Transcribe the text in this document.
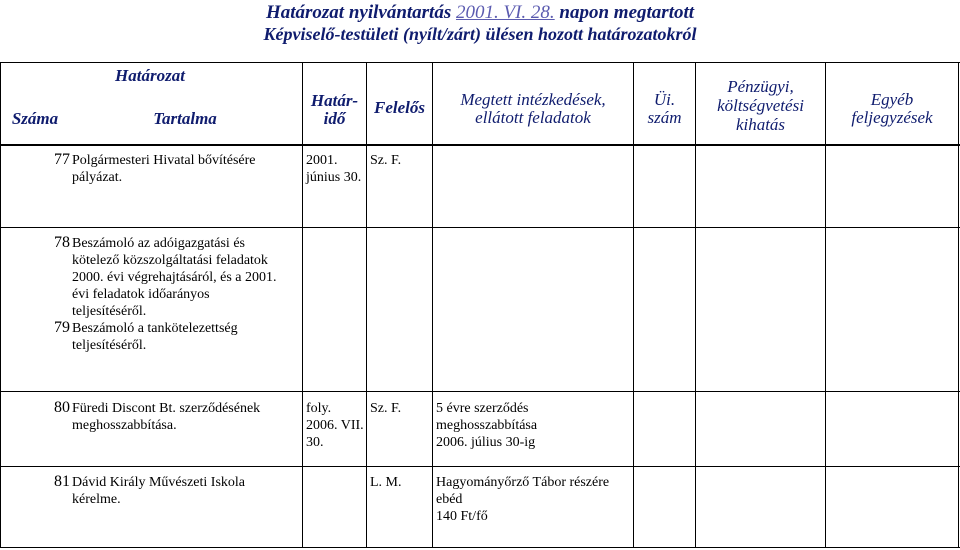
Határozat nyilvántartás 2001. VI. 28. napon megtartott
Képviselő-testületi (nyílt/zárt) ülésen hozott határozatokról
Határozat
Száma	Tartalma
Határ-
idő
Felelős	Megtett intézkedések,
ellátott feladatok
Üi.
szám
Pénzügyi,
költségvetési
kihatás
Egyéb
feljegyzések
77 Polgármesteri Hivatal bővítésére
pályázat.
2001.
június 30.
Sz. F.
78 Beszámoló az adóigazgatási és
kötelező közszolgáltatási feladatok
2000. évi végrehajtásáról, és a 2001.
évi feladatok időarányos
teljesítéséről.
79 Beszámoló a tankötelezettség
teljesítéséről.
80 Füredi Discont Bt. szerződésének
meghosszabbítása.
foly.
2006. VII.
30.
Sz. F. 5 évre szerződés
meghosszabbítása
2006. július 30-ig
81 Dávid Király Művészeti Iskola
kérelme.
L. M. Hagyományőrző Tábor részére
ebéd
140 Ft/fő
